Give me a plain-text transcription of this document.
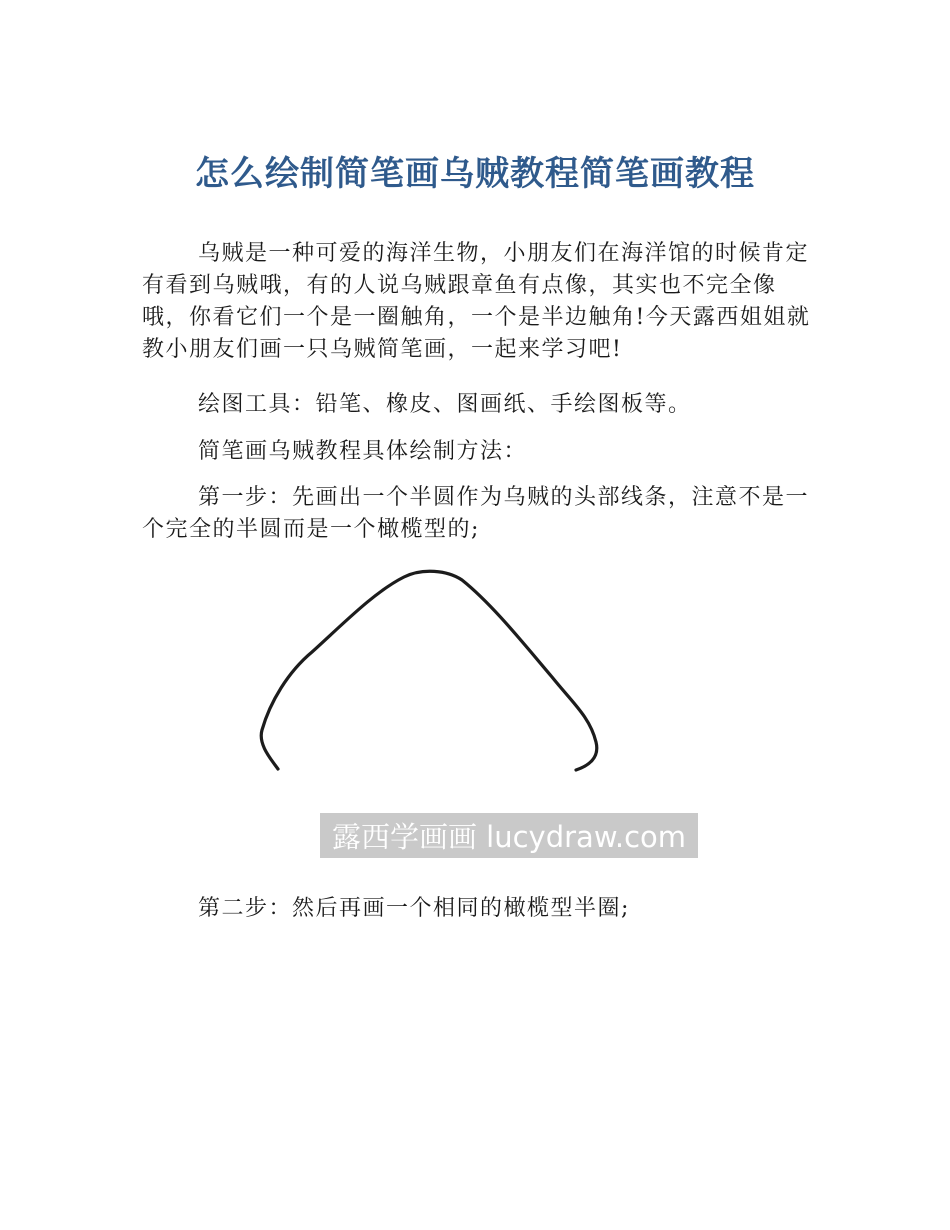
怎么绘制简笔画乌贼教程简笔画教程

乌贼是一种可爱的海洋生物，小朋友们在海洋馆的时候肯定有看到乌贼哦，有的人说乌贼跟章鱼有点像，其实也不完全像哦，你看它们一个是一圈触角，一个是半边触角!今天露西姐姐就教小朋友们画一只乌贼简笔画，一起来学习吧!

绘图工具：铅笔、橡皮、图画纸、手绘图板等。

简笔画乌贼教程具体绘制方法：

第一步：先画出一个半圆作为乌贼的头部线条，注意不是一个完全的半圆而是一个橄榄型的;

露西学画画 lucydraw.com

第二步：然后再画一个相同的橄榄型半圈;
